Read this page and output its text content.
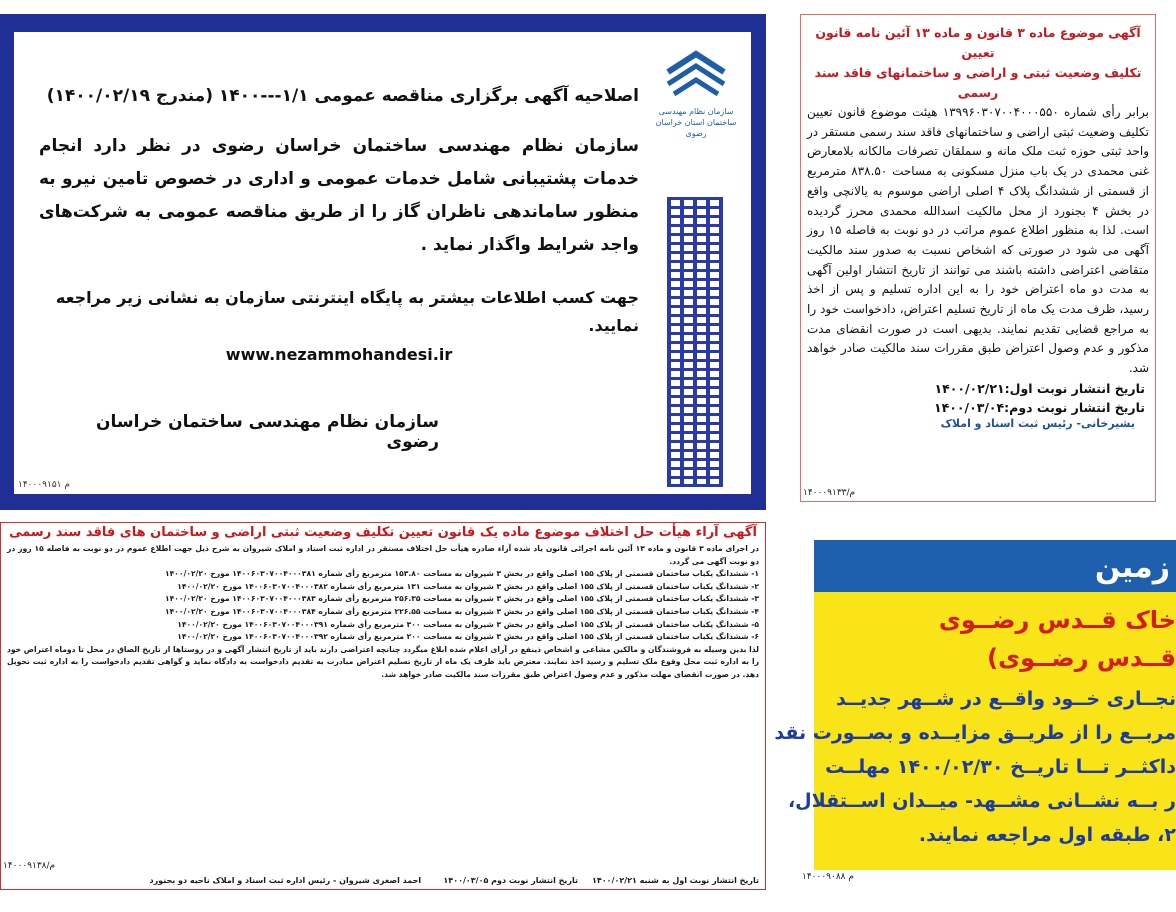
سازمان نظام مهندسی ساختمان استان خراسان رضوی
اصلاحیه آگهی برگزاری مناقصه عمومی ۱/۱---۱۴۰۰ (مندرج ۱۴۰۰/۰۲/۱۹)
سازمان نظام مهندسی ساختمان خراسان رضوی در نظر دارد انجام خدمات پشتیبانی شامل خدمات عمومی و اداری در خصوص تامین نیرو به منظور ساماندهی ناظران گاز را از طریق مناقصه عمومی به شرکت‌های واجد شرایط واگذار نماید .
جهت کسب اطلاعات بیشتر به پایگاه اینترنتی سازمان به نشانی زیر مراجعه نمایید.
www.nezammohandesi.ir
سازمان نظام مهندسی ساختمان خراسان رضوی
م ۱۴۰۰۰۹۱۵۱
آگهی موضوع ماده ۳ قانون و ماده ۱۳ آئین نامه قانون تعیین
تکلیف وضعیت ثبتی و اراضی و ساختمانهای فاقد سند رسمی
برابر رأی شماره ۱۳۹۹۶۰۳۰۷۰۰۴۰۰۰۵۵۰ هیئت موضوع قانون تعیین تکلیف وضعیت ثبتی اراضی و ساختمانهای فاقد سند رسمی مستقر در واحد ثبتی حوزه ثبت ملک مانه و سملقان تصرفات مالکانه بلامعارض غنی محمدی در یک باب منزل مسکونی به مساحت ۸۳۸.۵۰ مترمربع از قسمتی از ششدانگ پلاک ۴ اصلی اراضی موسوم به یالانچی واقع در بخش ۴ بجنورد از محل مالکیت اسدالله محمدی محرز گردیده است. لذا به منظور اطلاع عموم مراتب در دو نوبت به فاصله ۱۵ روز آگهی می شود در صورتی که اشخاص نسبت به صدور سند مالکیت متقاضی اعتراضی داشته باشند می توانند از تاریخ انتشار اولین آگهی به مدت دو ماه اعتراض خود را به این اداره تسلیم و پس از اخذ رسید، ظرف مدت یک ماه از تاریخ تسلیم اعتراض، دادخواست خود را به مراجع قضایی تقدیم نمایند. بدیهی است در صورت انقضای مدت مذکور و عدم وصول اعتراض طبق مقررات سند مالکیت صادر خواهد شد.
تاریخ انتشار نوبت اول:۱۴۰۰/۰۲/۲۱
تاریخ انتشار نوبت دوم:۱۴۰۰/۰۳/۰۴
بشیرخانی- رئیس ثبت اسناد و املاک
م/۱۴۰۰۰۹۱۳۳
آگهی آراء هیأت حل اختلاف موضوع ماده یک قانون تعیین تکلیف وضعیت ثبتی اراضی و ساختمان های فاقد سند رسمی
در اجرای ماده ۳ قانون و ماده ۱۳ آئین نامه اجرائی قانون یاد شده آراء صادره هیأت حل اختلاف مستقر در اداره ثبت اسناد و املاک شیروان به شرح ذیل جهت اطلاع عموم در دو نوبت به فاصله ۱۵ روز در دو نوبت آگهی می گردد.
۱- ششدانگ یکباب ساختمان قسمتی از پلاک ۱۵۵ اصلی واقع در بخش ۳ شیروان به مساحت ۱۵۳.۸۰ مترمربع رأی شماره ۱۴۰۰۶۰۳۰۷۰۰۴۰۰۰۳۸۱ مورخ ۱۴۰۰/۰۲/۲۰
۲- ششدانگ یکباب ساختمان قسمتی از پلاک ۱۵۵ اصلی واقع در بخش ۳ شیروان به مساحت ۱۳۱ مترمربع رأی شماره ۱۴۰۰۶۰۳۰۷۰۰۴۰۰۰۳۸۲ مورخ ۱۴۰۰/۰۲/۲۰
۳- ششدانگ یکباب ساختمان قسمتی از پلاک ۱۵۵ اصلی واقع در بخش ۳ شیروان به مساحت ۲۵۶.۳۵ مترمربع رأی شماره ۱۴۰۰۶۰۳۰۷۰۰۴۰۰۰۳۸۳ مورخ ۱۴۰۰/۰۲/۲۰
۴- ششدانگ یکباب ساختمان قسمتی از پلاک ۱۵۵ اصلی واقع در بخش ۳ شیروان به مساحت ۲۲۶.۵۵ مترمربع رأی شماره ۱۴۰۰۶۰۳۰۷۰۰۴۰۰۰۳۸۴ مورخ ۱۴۰۰/۰۲/۲۰
۵- ششدانگ یکباب ساختمان قسمتی از پلاک ۱۵۵ اصلی واقع در بخش ۳ شیروان به مساحت ۳۰۰ مترمربع رأی شماره ۱۴۰۰۶۰۳۰۷۰۰۴۰۰۰۳۹۱ مورخ ۱۴۰۰/۰۲/۲۰
۶- ششدانگ یکباب ساختمان قسمتی از پلاک ۱۵۵ اصلی واقع در بخش ۳ شیروان به مساحت ۲۰۰ مترمربع رأی شماره ۱۴۰۰۶۰۳۰۷۰۰۴۰۰۰۳۹۲ مورخ ۱۴۰۰/۰۲/۲۰
لذا بدین وسیله به فروشندگان و مالکین مشاعی و اشخاص ذینفع در آرای اعلام شده ابلاغ میگردد چنانچه اعتراضی دارند باید از تاریخ انتشار آگهی و در روستاها از تاریخ الصاق در محل تا دوماه اعتراض خود را به اداره ثبت محل وقوع ملک تسلیم و رسید اخذ نمایند. معترض باید ظرف یک ماه از تاریخ تسلیم اعتراض مبادرت به تقدیم دادخواست به دادگاه نماید و گواهی تقدیم دادخواست را به اداره ثبت تحویل دهد. در صورت انقضای مهلت مذکور و عدم وصول اعتراض طبق مقررات سند مالکیت صادر خواهد شد.
م/۱۴۰۰۰۹۱۳۸
تاریخ انتشار نوبت اول به شنبه ۱۴۰۰/۰۲/۲۱     تاریخ انتشار نوبت دوم ۱۴۰۰/۰۳/۰۵        احمد اصغری شیروان - رئیس اداره ثبت اسناد و املاک ناحیه دو بجنورد
زمین
خاک قــدس رضــوی
قــدس رضــوی)
نجــاری خــود واقــع در شــهر جدیــد
مربــع را از طریــق مزایــده و بصــورت نقد
داکثــر تـــا تاریــخ ۱۴۰۰/۰۲/۳۰ مهلــت
ر بــه نشــانی مشــهد- میــدان اســتقلال،
۲، طبقه اول مراجعه نمایند.
م ۱۴۰۰۰۹۰۸۸
